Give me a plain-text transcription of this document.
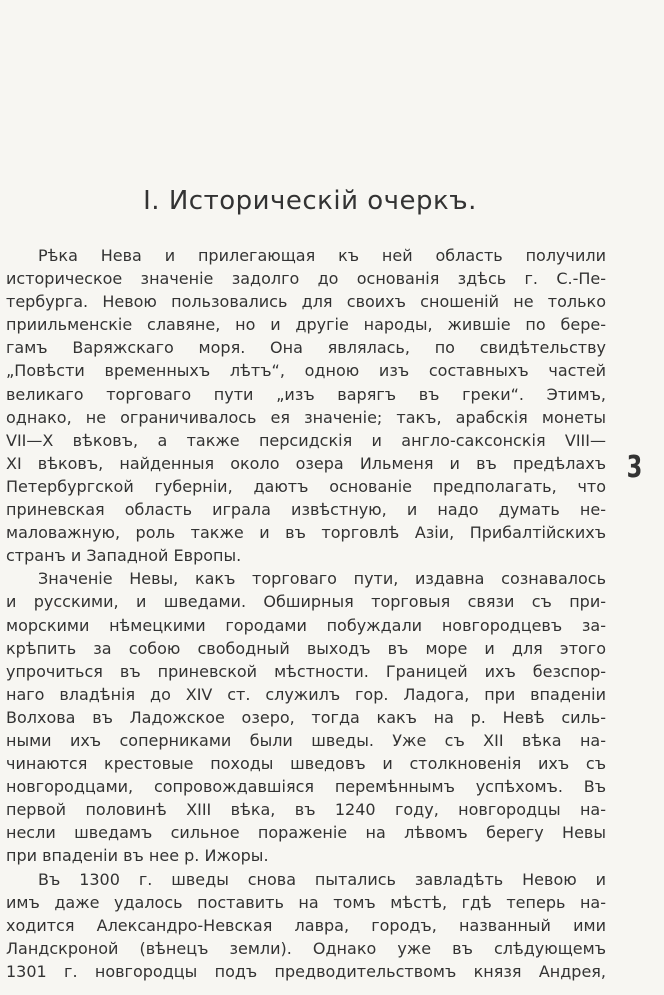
I. Историческій очеркъ.
3
Рѣка Нева и прилегающая къ ней область получили
историческое значеніе задолго до основанія здѣсь г. С.-Пе-
тербурга. Невою пользовались для своихъ сношеній не только
приильменскіе славяне, но и другіе народы, жившіе по бере-
гамъ Варяжскаго моря. Она являлась, по свидѣтельству
„Повѣсти временныхъ лѣтъ“, одною изъ составныхъ частей
великаго торговаго пути „изъ варягъ въ греки“. Этимъ,
однако, не ограничивалось ея значеніе; такъ, арабскія монеты
VII—X вѣковъ, а также персидскія и англо-саксонскія VIII—
XI вѣковъ, найденныя около озера Ильменя и въ предѣлахъ
Петербургской губерніи, даютъ основаніе предполагать, что
приневская область играла извѣстную, и надо думать не-
маловажную, роль также и въ торговлѣ Азіи, Прибалтійскихъ
странъ и Западной Европы.
Значеніе Невы, какъ торговаго пути, издавна сознавалось
и русскими, и шведами. Обширныя торговыя связи съ при-
морскими нѣмецкими городами побуждали новгородцевъ за-
крѣпить за собою свободный выходъ въ море и для этого
упрочиться въ приневской мѣстности. Границей ихъ безспор-
наго владѣнія до XIV ст. служилъ гор. Ладога, при впаденіи
Волхова въ Ладожское озеро, тогда какъ на р. Невѣ силь-
ными ихъ соперниками были шведы. Уже съ XII вѣка на-
чинаются крестовые походы шведовъ и столкновенія ихъ съ
новгородцами, сопровождавшіяся перемѣннымъ успѣхомъ. Въ
первой половинѣ XIII вѣка, въ 1240 году, новгородцы на-
несли шведамъ сильное пораженіе на лѣвомъ берегу Невы
при впаденіи въ нее р. Ижоры.
Въ 1300 г. шведы снова пытались завладѣть Невою и
имъ даже удалось поставить на томъ мѣстѣ, гдѣ теперь на-
ходится Александро-Невская лавра, городъ, названный ими
Ландскроной (вѣнецъ земли). Однако уже въ слѣдующемъ
1301 г. новгородцы подъ предводительствомъ князя Андрея,
